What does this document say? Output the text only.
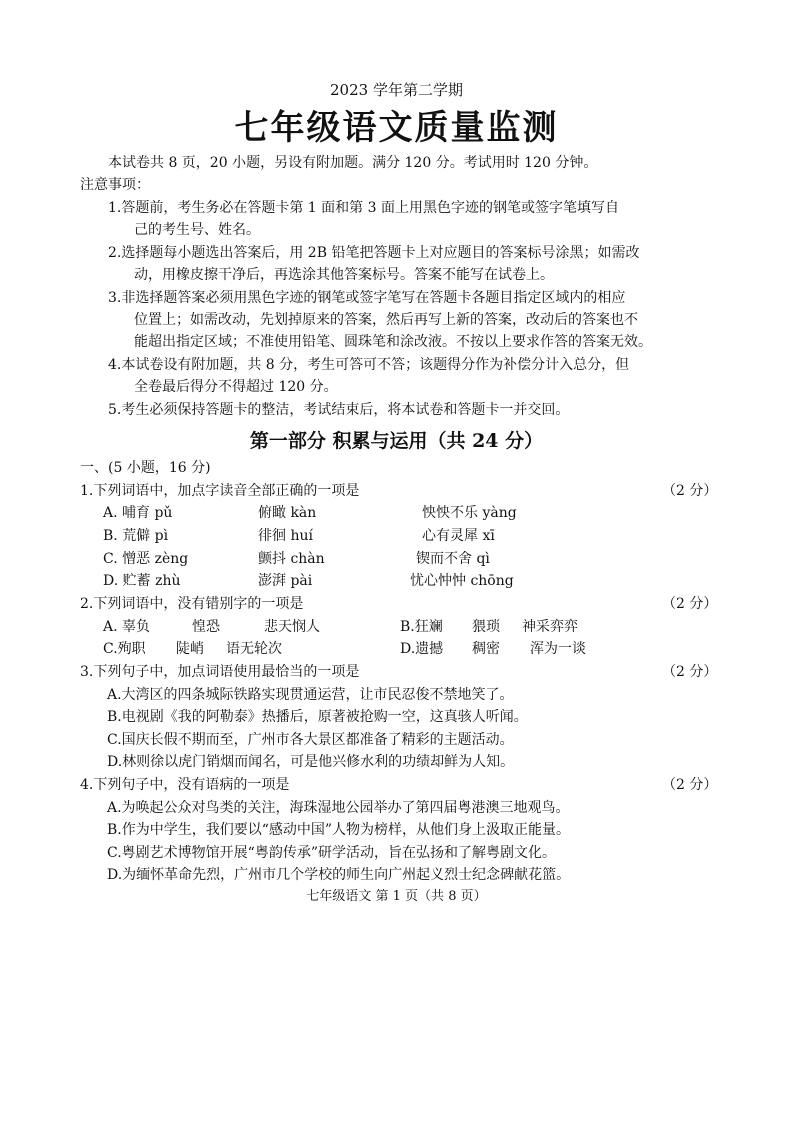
2023 学年第二学期
七年级语文质量监测
本试卷共 8 页，20 小题，另设有附加题。满分 120 分。考试用时 120 分钟。
注意事项：
1.答题前，考生务必在答题卡第 1 面和第 3 面上用黑色字迹的钢笔或签字笔填写自
己的考生号、姓名。
2.选择题每小题选出答案后，用 2B 铅笔把答题卡上对应题目的答案标号涂黑；如需改
动，用橡皮擦干净后，再选涂其他答案标号。答案不能写在试卷上。
3.非选择题答案必须用黑色字迹的钢笔或签字笔写在答题卡各题目指定区域内的相应
位置上；如需改动，先划掉原来的答案，然后再写上新的答案，改动后的答案也不
能超出指定区域；不准使用铅笔、圆珠笔和涂改液。不按以上要求作答的答案无效。
4.本试卷设有附加题，共 8 分，考生可答可不答；该题得分作为补偿分计入总分，但
全卷最后得分不得超过 120 分。
5.考生必须保持答题卡的整洁，考试结束后，将本试卷和答题卡一并交回。
第一部分 积累与运用（共 24 分）
一、(5 小题，16 分)
1.下列词语中，加点字读音全部正确的一项是	（2 分）
A. 哺育 pǔ	俯瞰 kàn	怏怏不乐 yàng
B. 荒僻 pì	徘徊 huí	心有灵犀 xī
C. 憎恶 zèng	颤抖 chàn	锲而不舍 qì
D. 贮蓄 zhù	澎湃 pài	忧心忡忡 chōng
2.下列词语中，没有错别字的一项是	（2 分）
A. 辜负	惶恐	悲天悯人	B.狂斓 猥琐 神采弈弈
C.殉职 陡峭 语无轮次	D.遗撼 稠密 浑为一谈
3.下列句子中，加点词语使用最恰当的一项是	（2 分）
A.大湾区的四条城际铁路实现贯通运营，让市民忍俊不禁地笑了。
B.电视剧《我的阿勒泰》热播后，原著被抢购一空，这真骇人听闻。
C.国庆长假不期而至，广州市各大景区都准备了精彩的主题活动。
D.林则徐以虎门销烟而闻名，可是他兴修水利的功绩却鲜为人知。
4.下列句子中，没有语病的一项是	（2 分）
A.为唤起公众对鸟类的关注，海珠湿地公园举办了第四届粤港澳三地观鸟。
B.作为中学生，我们要以“感动中国”人物为榜样，从他们身上汲取正能量。
C.粤剧艺术博物馆开展“粤韵传承”研学活动，旨在弘扬和了解粤剧文化。
D.为缅怀革命先烈，广州市几个学校的师生向广州起义烈士纪念碑献花篮。
七年级语文 第 1 页（共 8 页）
